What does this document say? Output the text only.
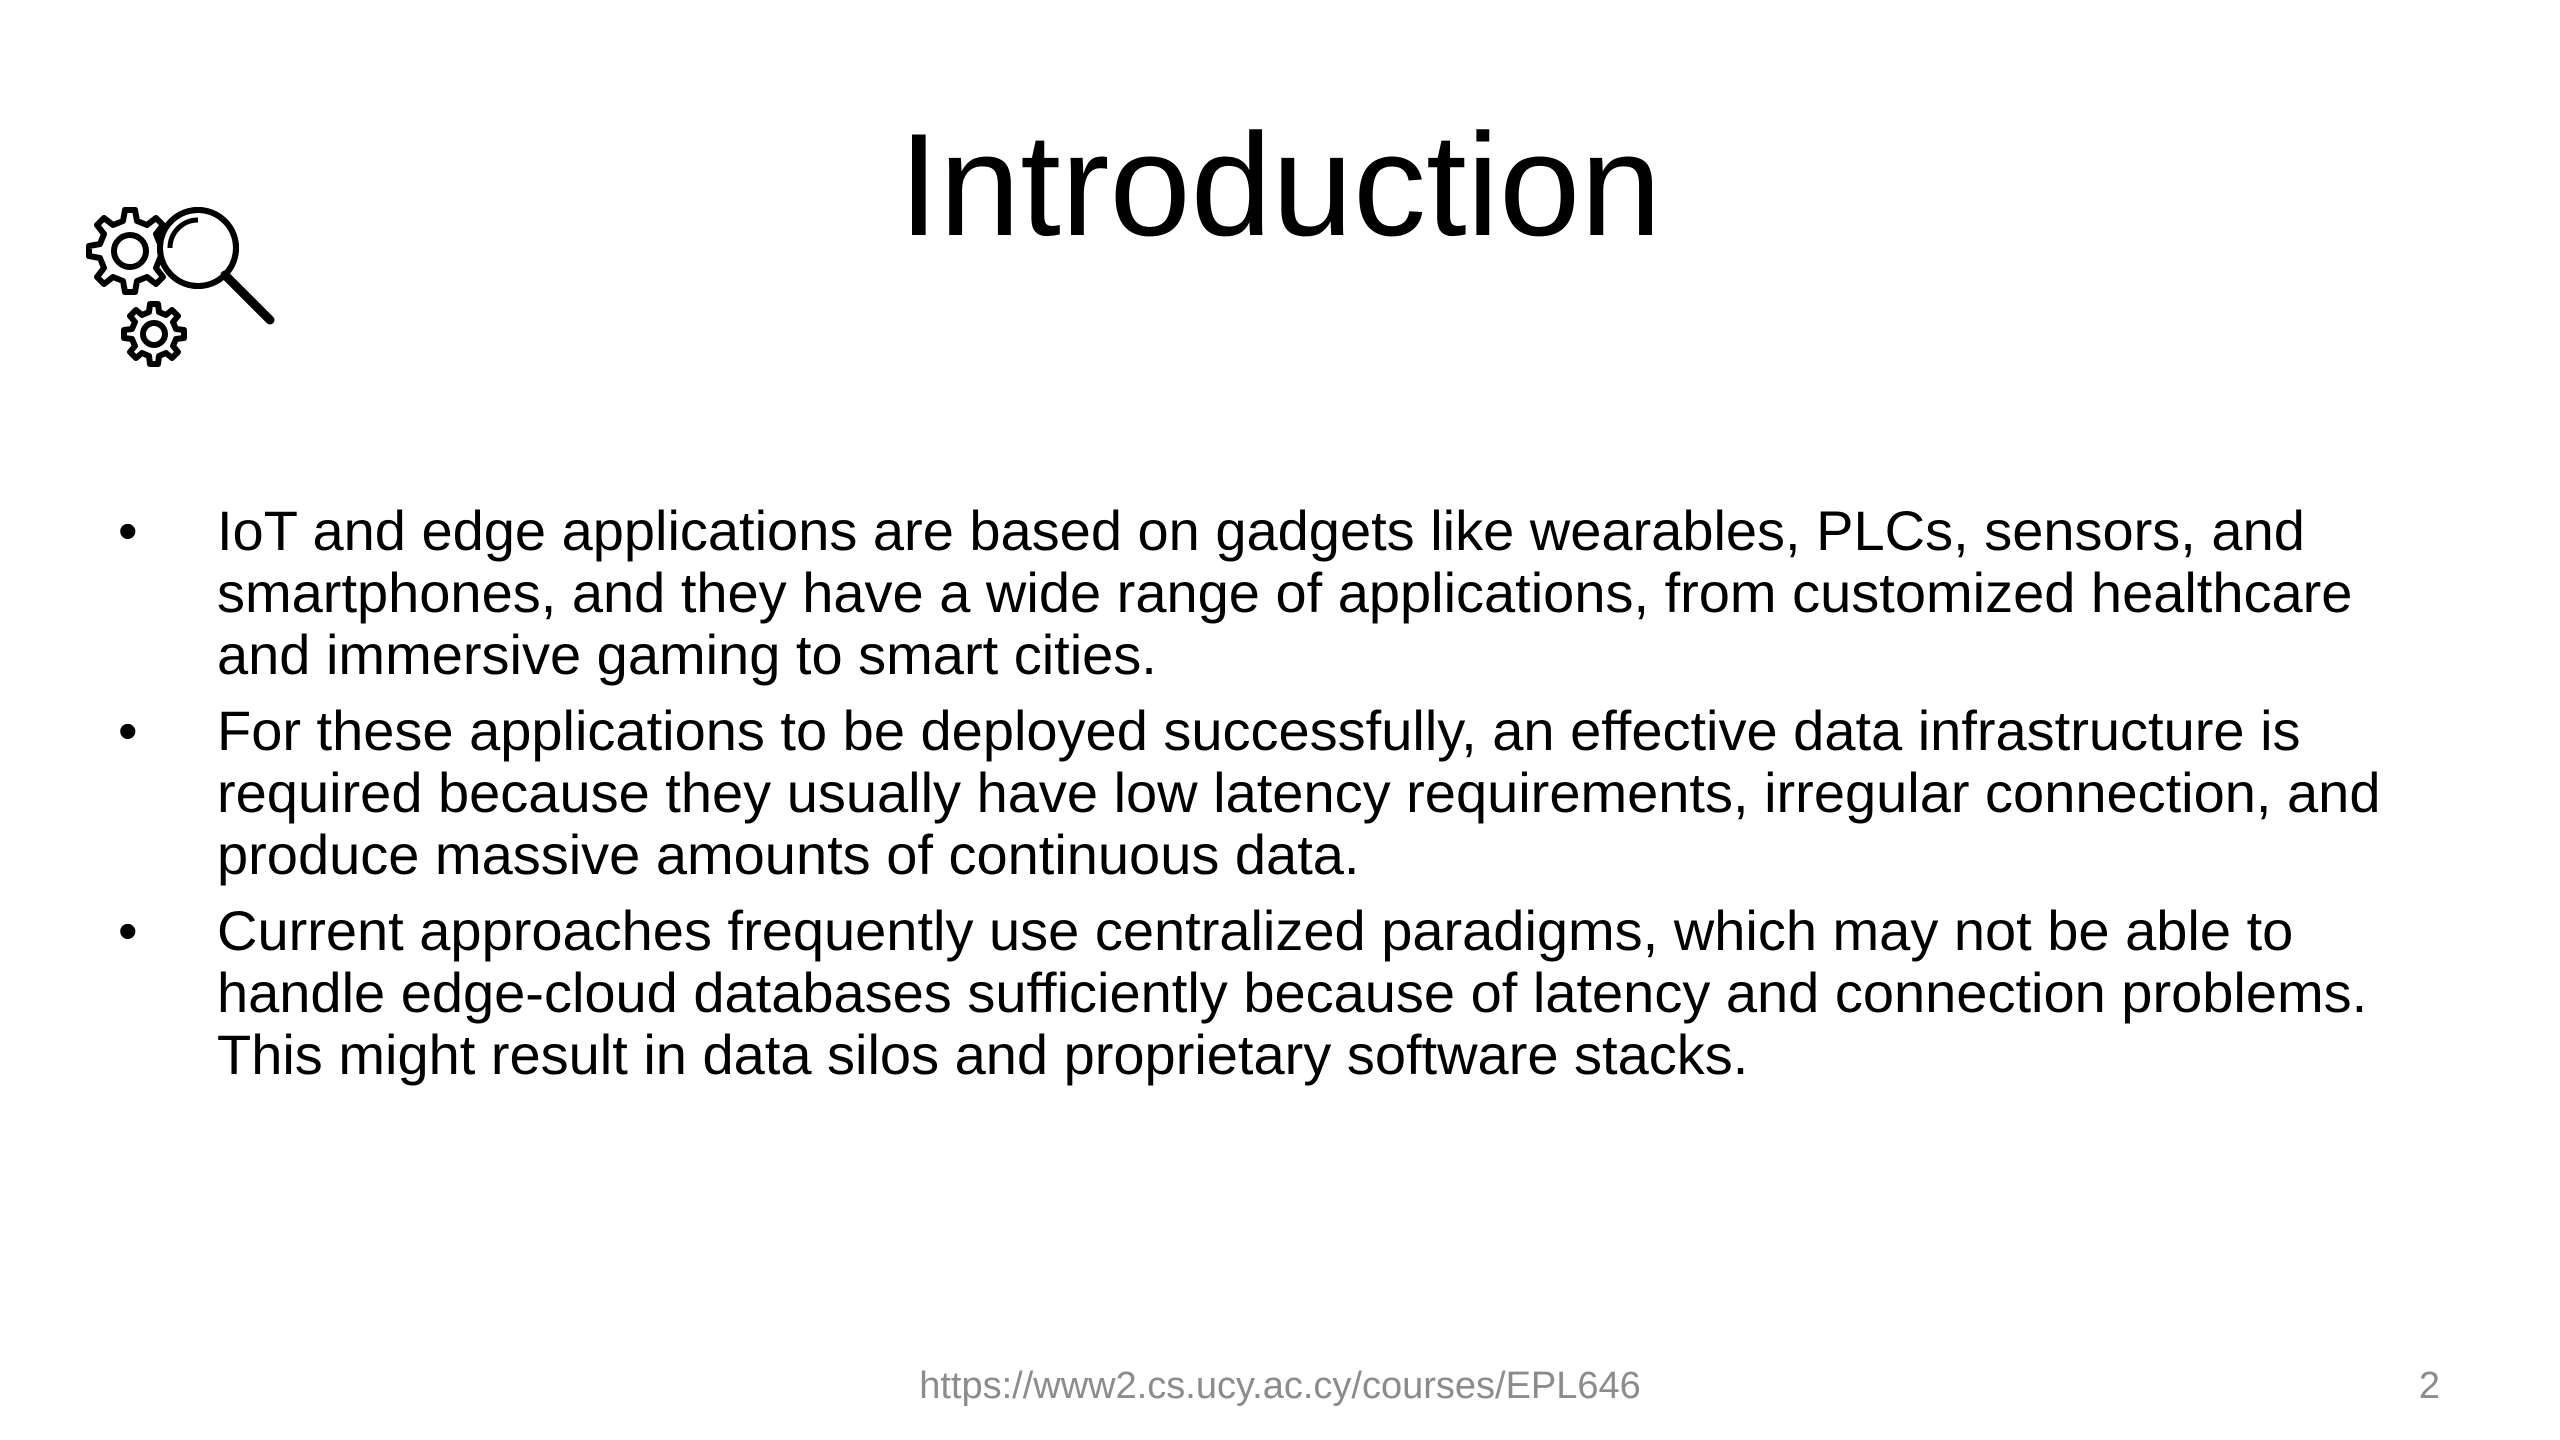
Introduction
• IoT and edge applications are based on gadgets like wearables, PLCs, sensors, and smartphones, and they have a wide range of applications, from customized healthcare and immersive gaming to smart cities.
• For these applications to be deployed successfully, an effective data infrastructure is required because they usually have low latency requirements, irregular connection, and produce massive amounts of continuous data.
• Current approaches frequently use centralized paradigms, which may not be able to handle edge-cloud databases sufficiently because of latency and connection problems. This might result in data silos and proprietary software stacks.
https://www2.cs.ucy.ac.cy/courses/EPL646	2
